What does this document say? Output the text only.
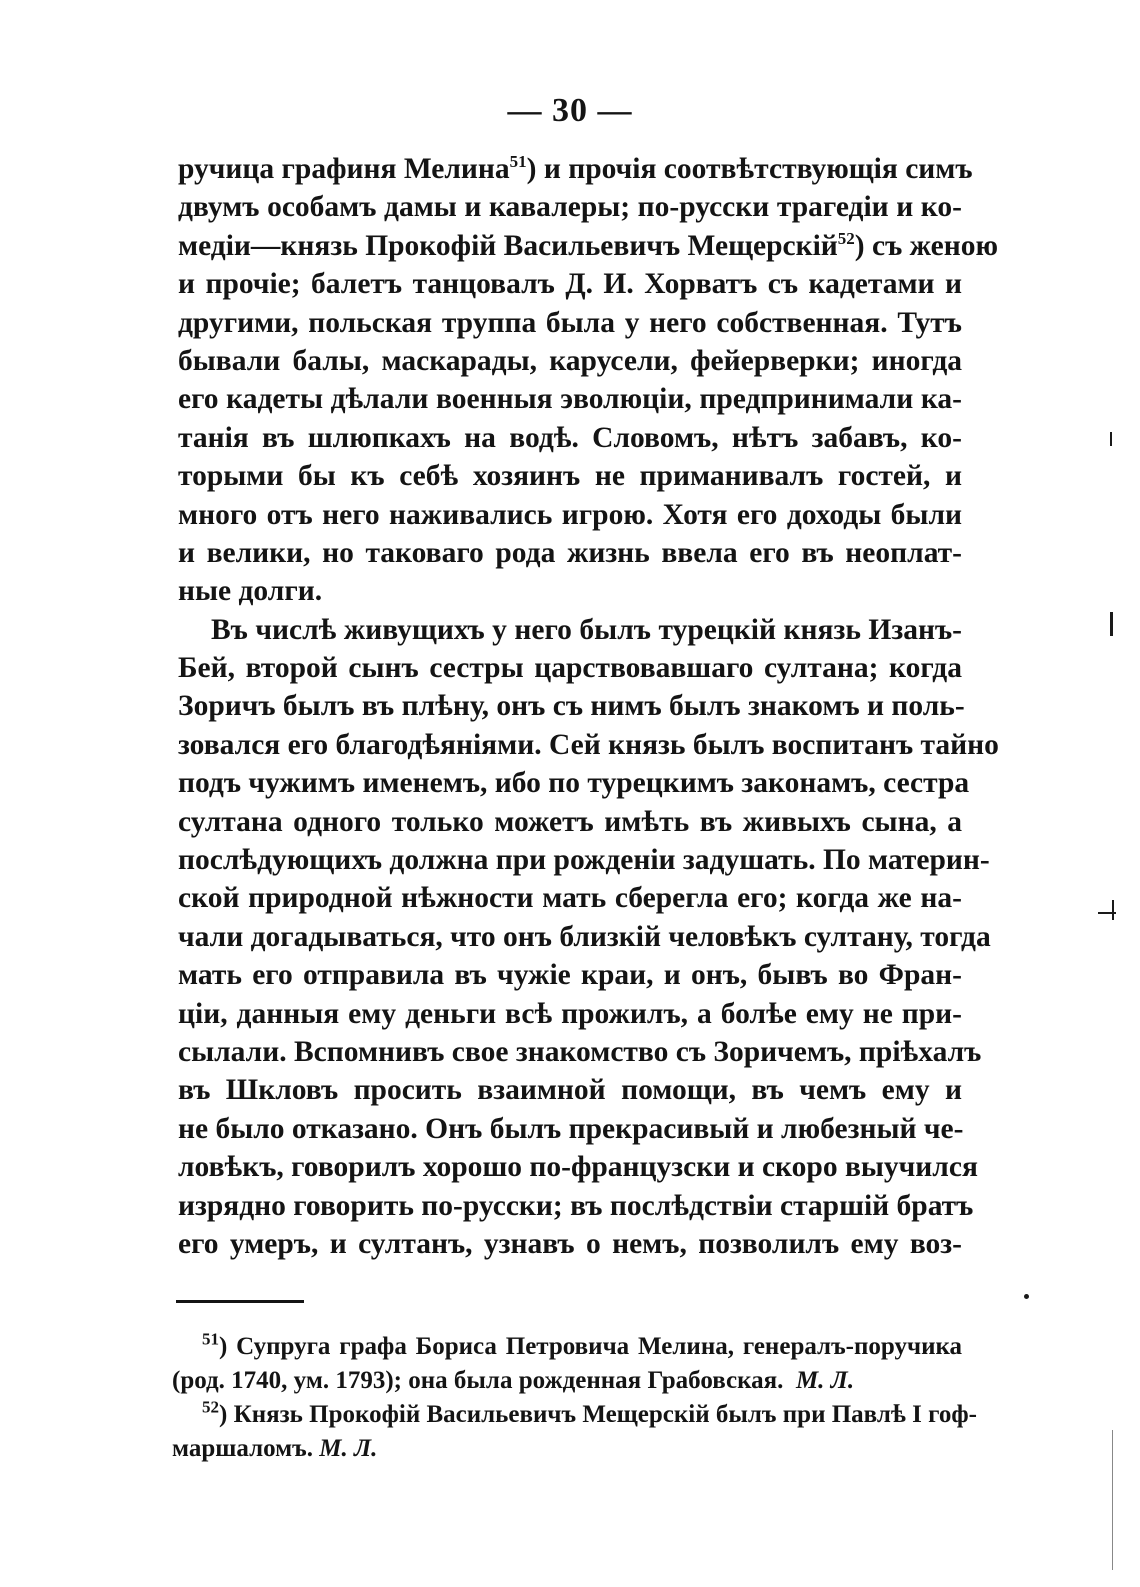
— 30 —
ручица графиня Мелина$^{51}$) и прочія соотвѣтствующія симъ
двумъ особамъ дамы и кавалеры; по-русски трагедіи и ко-
медіи—князь Прокофій Васильевичъ Мещерскій$^{52}$) съ женою
и прочіе; балетъ танцовалъ Д. И. Хорватъ съ кадетами и
другими, польская труппа была у него собственная. Тутъ
бывали балы, маскарады, карусели, фейерверки; иногда
его кадеты дѣлали военныя эволюціи, предпринимали ка-
танія въ шлюпкахъ на водѣ. Словомъ, нѣтъ забавъ, ко-
торыми бы къ себѣ хозяинъ не приманивалъ гостей, и
много отъ него наживались игрою. Хотя его доходы были
и велики, но таковаго рода жизнь ввела его въ неоплат-
ные долги.
Въ числѣ живущихъ у него былъ турецкій князь Изанъ-
Бей, второй сынъ сестры царствовавшаго султана; когда
Зоричъ былъ въ плѣну, онъ съ нимъ былъ знакомъ и поль-
зовался его благодѣяніями. Сей князь былъ воспитанъ тайно
подъ чужимъ именемъ, ибо по турецкимъ законамъ, сестра
султана одного только можетъ имѣть въ живыхъ сына, а
послѣдующихъ должна при рожденіи задушать. По материн-
ской природной нѣжности мать сберегла его; когда же на-
чали догадываться, что онъ близкій человѣкъ султану, тогда
мать его отправила въ чужіе краи, и онъ, бывъ во Фран-
ціи, данныя ему деньги всѣ прожилъ, а болѣе ему не при-
сылали. Вспомнивъ свое знакомство съ Зоричемъ, пріѣхалъ
въ Шкловъ просить взаимной помощи, въ чемъ ему и
не было отказано. Онъ былъ прекрасивый и любезный че-
ловѣкъ, говорилъ хорошо по-французски и скоро выучился
изрядно говорить по-русски; въ послѣдствіи старшій братъ
его умеръ, и султанъ, узнавъ о немъ, позволилъ ему воз-
$^{51}$) Супруга графа Бориса Петровича Мелина, генералъ-поручика
(род. 1740, ум. 1793); она была рожденная Грабовская. М. Л.
$^{52}$) Князь Прокофій Васильевичъ Мещерскій былъ при Павлѣ I гоф-
маршаломъ. М. Л.
